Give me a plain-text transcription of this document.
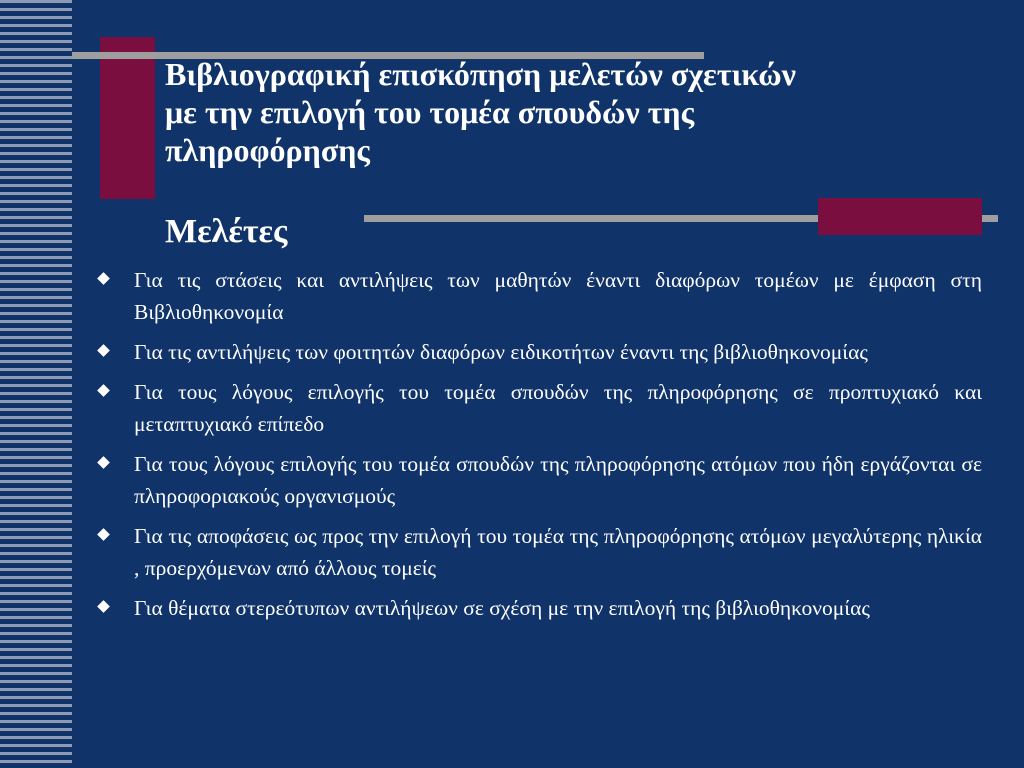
Βιβλιογραφική επισκόπηση μελετών σχετικών
με την επιλογή του τομέα σπουδών της
πληροφόρησης
Μελέτες
Για τις στάσεις και αντιλήψεις των μαθητών έναντι διαφόρων τομέων με έμφαση στη Βιβλιοθηκονομία
Για τις αντιλήψεις των φοιτητών διαφόρων ειδικοτήτων έναντι της βιβλιοθηκονομίας
Για τους λόγους επιλογής του τομέα σπουδών της πληροφόρησης σε προπτυχιακό και μεταπτυχιακό επίπεδο
Για τους λόγους επιλογής του τομέα σπουδών της πληροφόρησης ατόμων που ήδη εργάζονται σε πληροφοριακούς οργανισμούς
Για τις αποφάσεις ως προς την επιλογή του τομέα της πληροφόρησης ατόμων μεγαλύτερης ηλικία , προερχόμενων από άλλους τομείς
Για θέματα στερεότυπων αντιλήψεων σε σχέση με την επιλογή της βιβλιοθηκονομίας
